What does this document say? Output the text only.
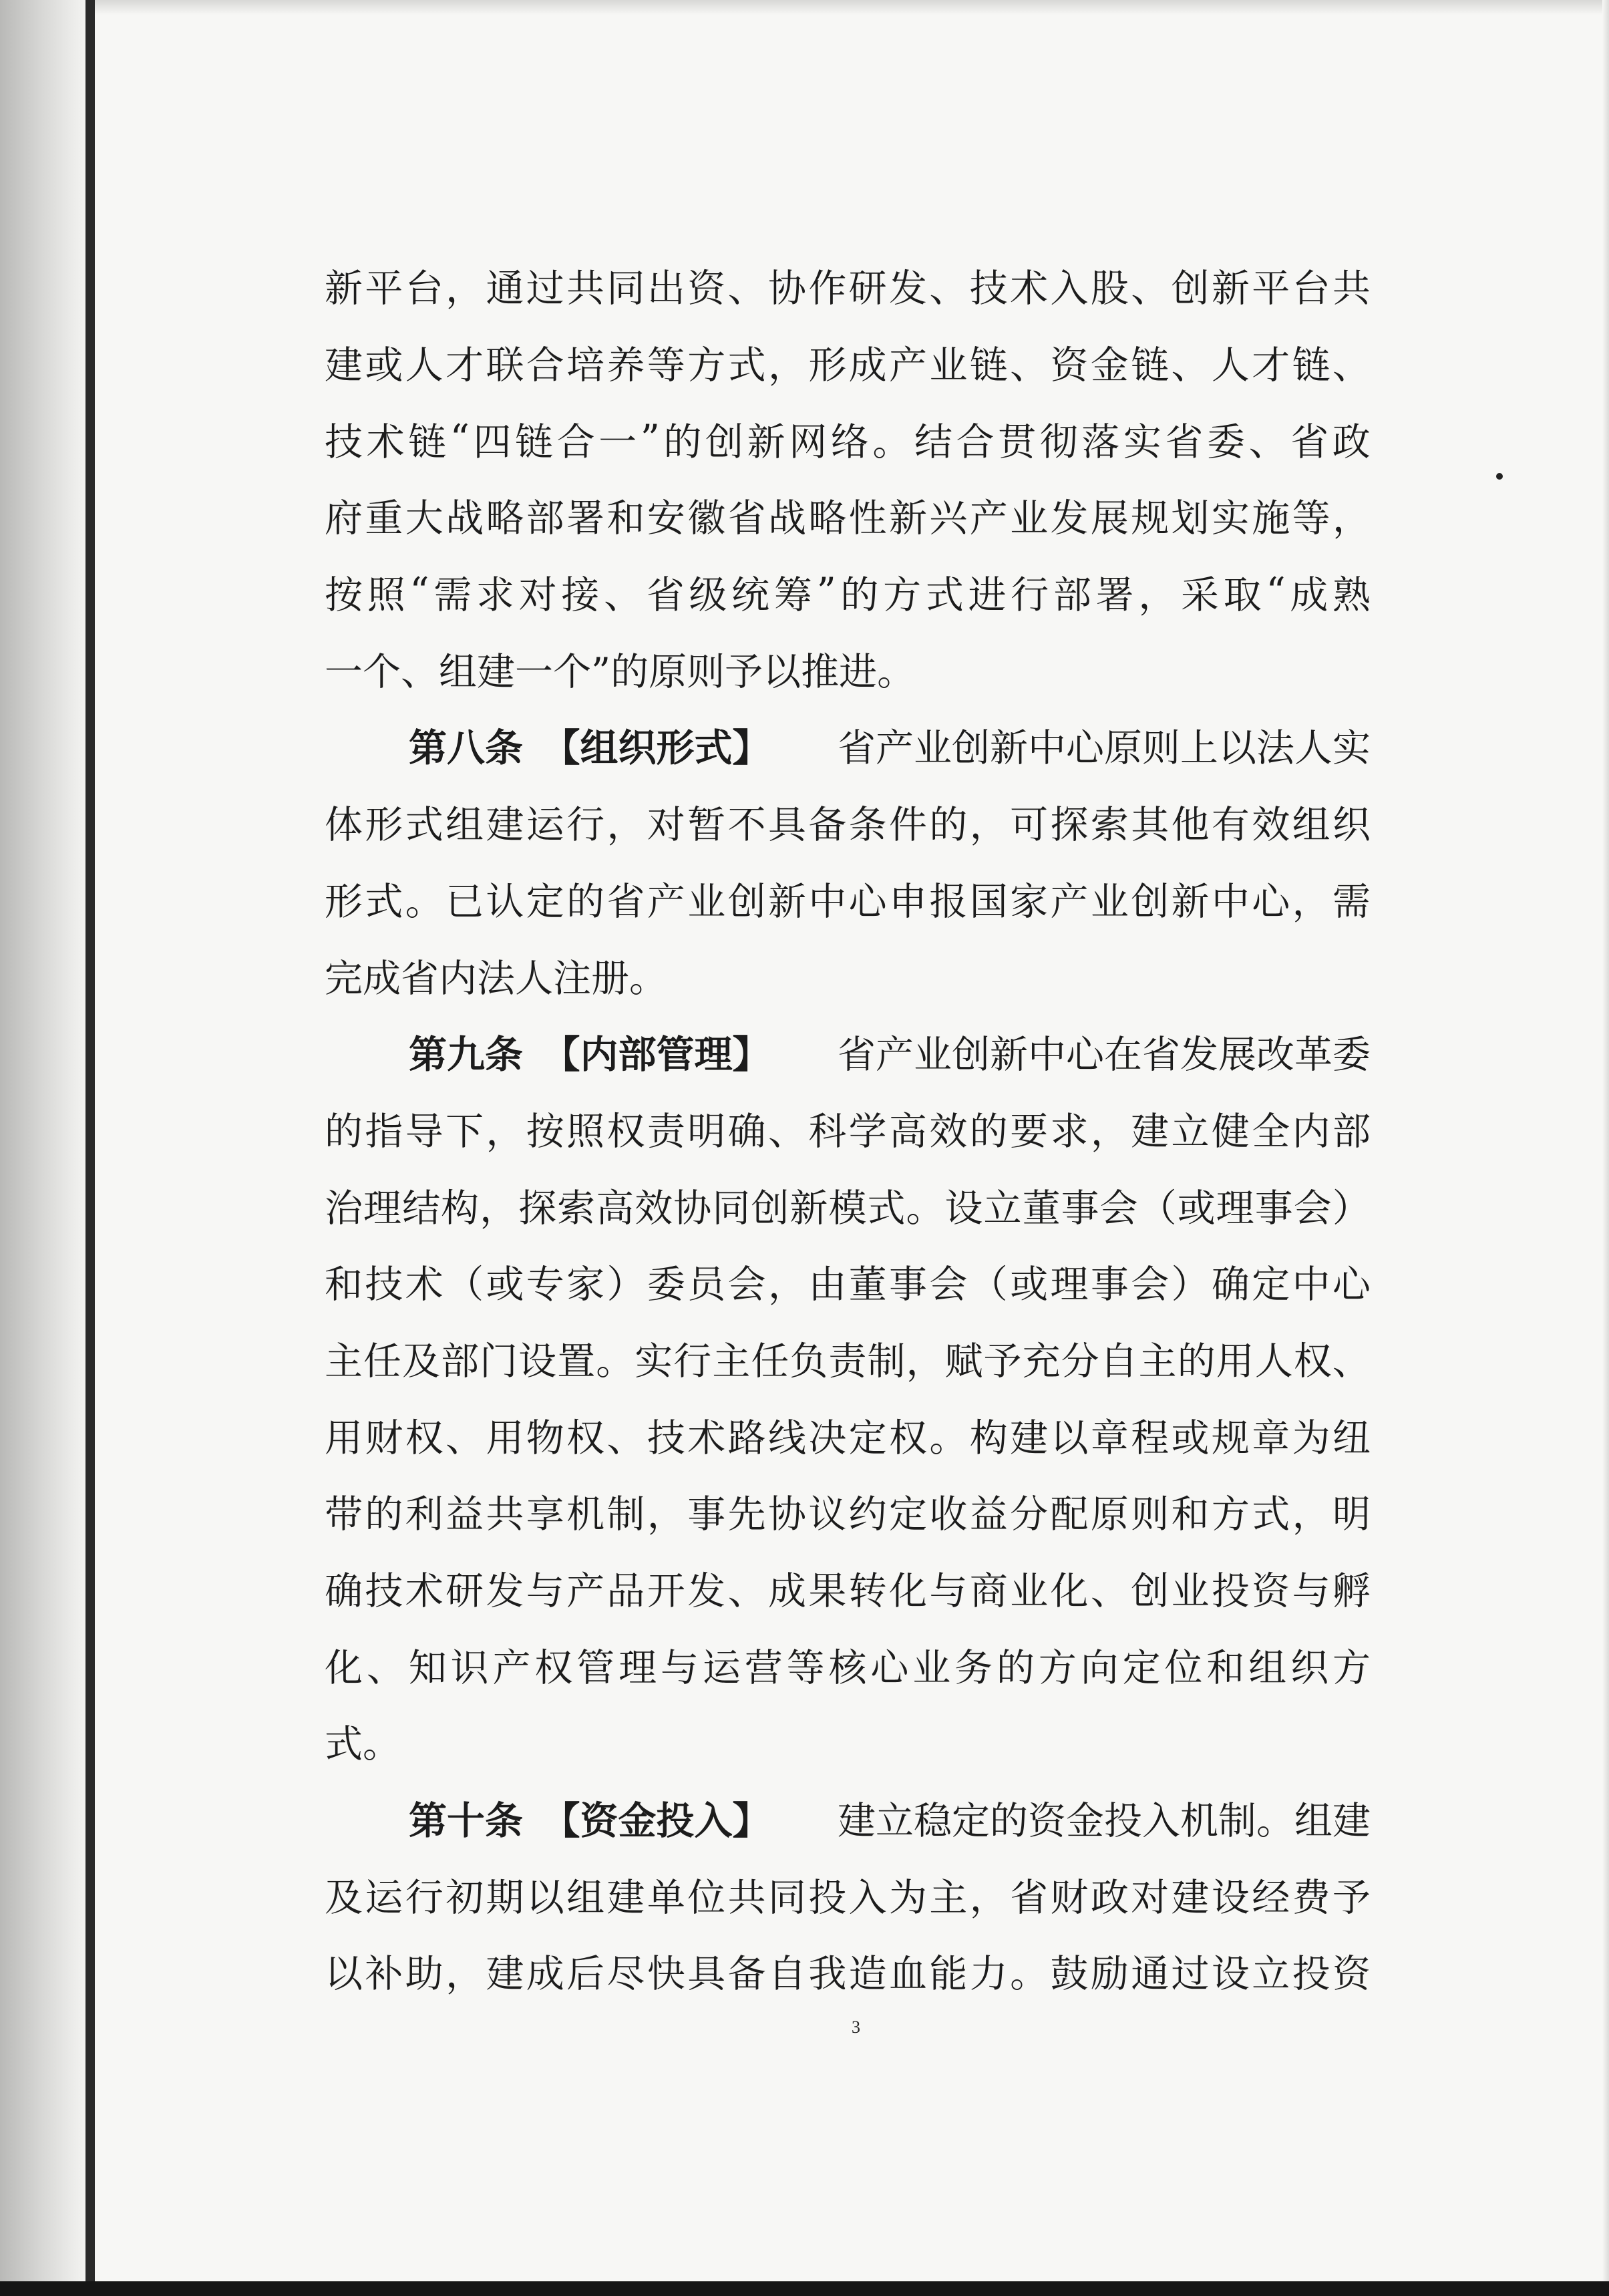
新 平 台 ， 通 过 共 同 出 资 、 协 作 研 发 、 技 术 入 股 、 创 新 平 台 共
建 或 人 才 联 合 培 养 等 方 式 ， 形 成 产 业 链 、 资 金 链 、 人 才 链 、
技 术 链 “ 四 链 合 一 ” 的 创 新 网 络 。 结 合 贯 彻 落 实 省 委 、 省 政
府 重 大 战 略 部 署 和 安 徽 省 战 略 性 新 兴 产 业 发 展 规 划 实 施 等 ，
按 照 “ 需 求 对 接 、 省 级 统 筹 ” 的 方 式 进 行 部 署 ， 采 取 “ 成 熟
一个、组建一个”的原则予以推进。
第八条　【组织形式】 省产业创新中心原则上以法人实
体 形 式 组 建 运 行 ， 对 暂 不 具 备 条 件 的 ， 可 探 索 其 他 有 效 组 织
形 式 。 已 认 定 的 省 产 业 创 新 中 心 申 报 国 家 产 业 创 新 中 心 ， 需
完成省内法人注册。
第九条　【内部管理】 省产业创新中心在省发展改革委
的 指 导 下 ， 按 照 权 责 明 确 、 科 学 高 效 的 要 求 ， 建 立 健 全 内 部
治 理 结 构 ， 探 索 高 效 协 同 创 新 模 式 。 设 立 董 事 会 （ 或 理 事 会 ）
和 技 术 （ 或 专 家 ） 委 员 会 ， 由 董 事 会 （ 或 理 事 会 ） 确 定 中 心
主 任 及 部 门 设 置 。 实 行 主 任 负 责 制 ， 赋 予 充 分 自 主 的 用 人 权 、
用 财 权 、 用 物 权 、 技 术 路 线 决 定 权 。 构 建 以 章 程 或 规 章 为 纽
带 的 利 益 共 享 机 制 ， 事 先 协 议 约 定 收 益 分 配 原 则 和 方 式 ， 明
确 技 术 研 发 与 产 品 开 发 、 成 果 转 化 与 商 业 化 、 创 业 投 资 与 孵
化 、 知 识 产 权 管 理 与 运 营 等 核 心 业 务 的 方 向 定 位 和 组 织 方
式。
第十条　【资金投入】 建立稳定的资金投入机制。组建
及 运 行 初 期 以 组 建 单 位 共 同 投 入 为 主 ， 省 财 政 对 建 设 经 费 予
以 补 助 ， 建 成 后 尽 快 具 备 自 我 造 血 能 力 。 鼓 励 通 过 设 立 投 资
3
